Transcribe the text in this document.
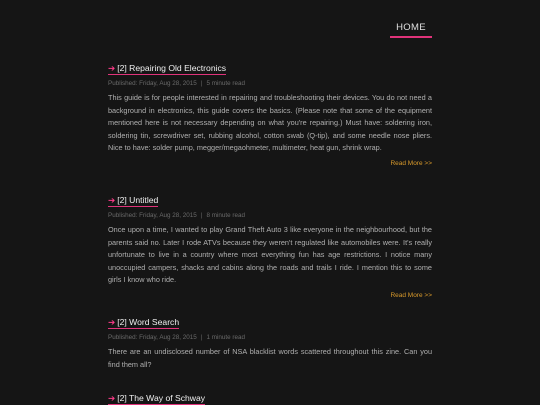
HOME
➔ [2] Repairing Old Electronics
Published: Friday, Aug 28, 2015 | 5 minute read

This guide is for people interested in repairing and troubleshooting their devices. You do not need a background in electronics, this guide covers the basics. (Please note that some of the equipment mentioned here is not necessary depending on what you're repairing.) Must have: soldering iron, soldering tin, screwdriver set, rubbing alcohol, cotton swab (Q-tip), and some needle nose pliers. Nice to have: solder pump, megger/megaohmeter, multimeter, heat gun, shrink wrap.

Read More >>
➔ [2] Untitled
Published: Friday, Aug 28, 2015 | 8 minute read

Once upon a time, I wanted to play Grand Theft Auto 3 like everyone in the neighbourhood, but the parents said no. Later I rode ATVs because they weren't regulated like automobiles were. It's really unfortunate to live in a country where most everything fun has age restrictions. I notice many unoccupied campers, shacks and cabins along the roads and trails I ride. I mention this to some girls I know who ride.

Read More >>
➔ [2] Word Search
Published: Friday, Aug 28, 2015 | 1 minute read

There are an undisclosed number of NSA blacklist words scattered throughout this zine. Can you find them all?

➔ [2] The Way of Schway
